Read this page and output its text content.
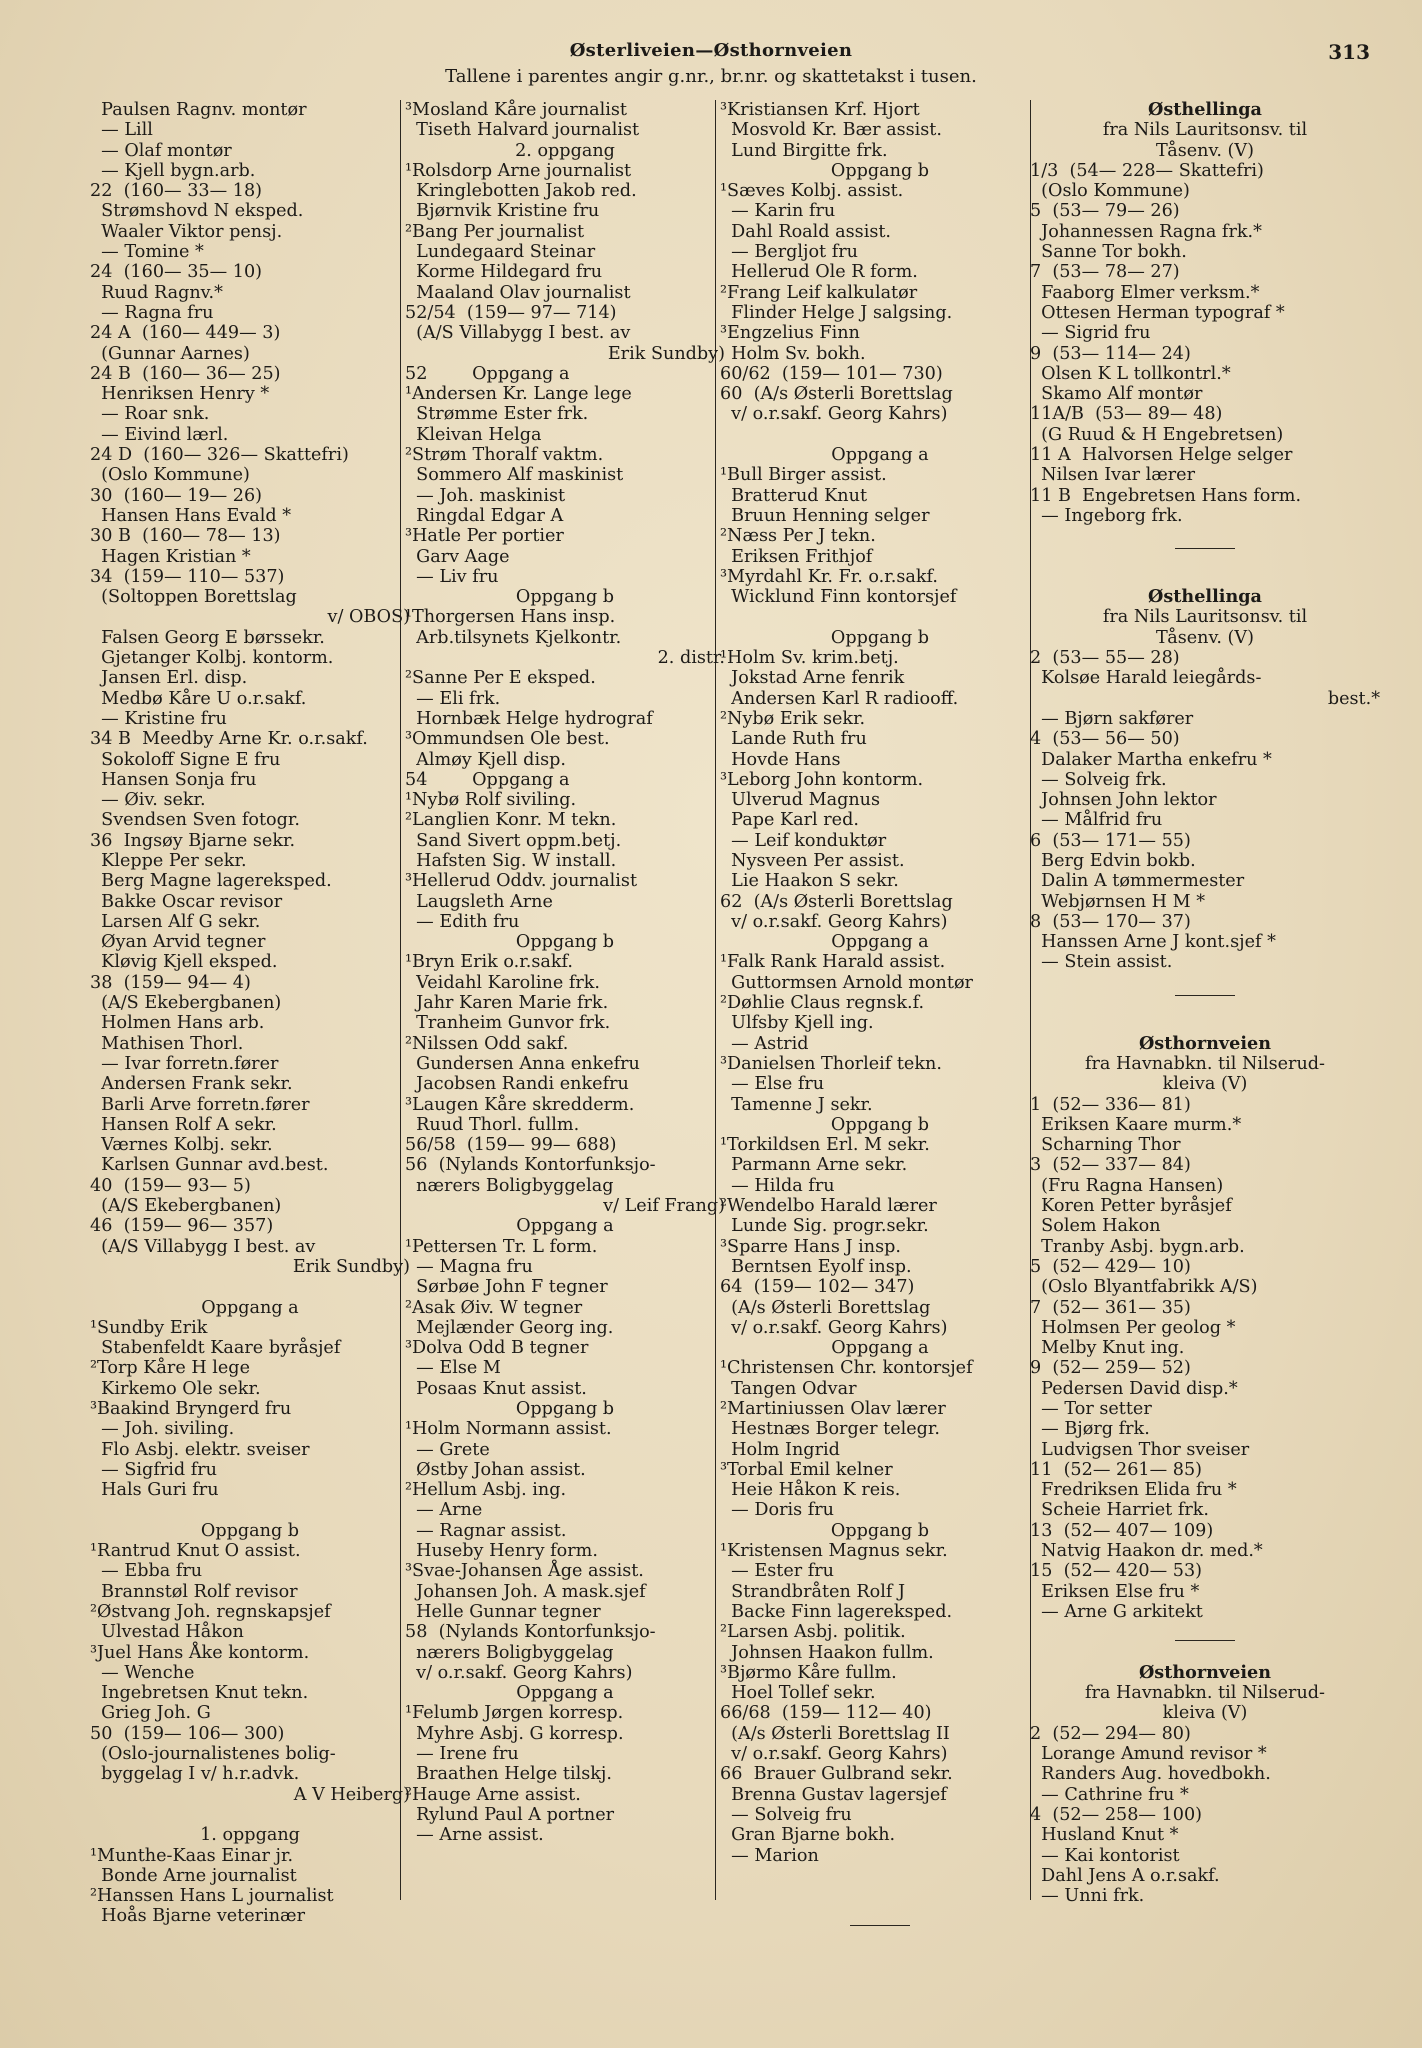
Østerliveien—Østhornveien
Tallene i parentes angir g.nr., br.nr. og skattetakst i tusen.
313
Paulsen Ragnv. montør
— Lill
— Olaf montør
— Kjell bygn.arb.
22  (160— 33— 18)
Strømshovd N eksped.
Waaler Viktor pensj.
— Tomine *
24  (160— 35— 10)
Ruud Ragnv.*
— Ragna fru
24 A  (160— 449— 3)
(Gunnar Aarnes)
24 B  (160— 36— 25)
Henriksen Henry *
— Roar snk.
— Eivind lærl.
24 D  (160— 326— Skattefri)
(Oslo Kommune)
30  (160— 19— 26)
Hansen Hans Evald *
30 B  (160— 78— 13)
Hagen Kristian *
34  (159— 110— 537)
(Soltoppen Borettslag
v/ OBOS)
Falsen Georg E børssekr.
Gjetanger Kolbj. kontorm.
Jansen Erl. disp.
Medbø Kåre U o.r.sakf.
— Kristine fru
34 B  Meedby Arne Kr. o.r.sakf.
Sokoloff Signe E fru
Hansen Sonja fru
— Øiv. sekr.
Svendsen Sven fotogr.
36  Ingsøy Bjarne sekr.
Kleppe Per sekr.
Berg Magne lagereksped.
Bakke Oscar revisor
Larsen Alf G sekr.
Øyan Arvid tegner
Kløvig Kjell eksped.
38  (159— 94— 4)
(A/S Ekebergbanen)
Holmen Hans arb.
Mathisen Thorl.
— Ivar forretn.fører
Andersen Frank sekr.
Barli Arve forretn.fører
Hansen Rolf A sekr.
Værnes Kolbj. sekr.
Karlsen Gunnar avd.best.
40  (159— 93— 5)
(A/S Ekebergbanen)
46  (159— 96— 357)
(A/S Villabygg I best. av
Erik Sundby)
Oppgang a
¹Sundby Erik
Stabenfeldt Kaare byråsjef
²Torp Kåre H lege
Kirkemo Ole sekr.
³Baakind Bryngerd fru
— Joh. siviling.
Flo Asbj. elektr. sveiser
— Sigfrid fru
Hals Guri fru
Oppgang b
¹Rantrud Knut O assist.
— Ebba fru
Brannstøl Rolf revisor
²Østvang Joh. regnskapsjef
Ulvestad Håkon
³Juel Hans Åke kontorm.
— Wenche
Ingebretsen Knut tekn.
Grieg Joh. G
50  (159— 106— 300)
(Oslo-journalistenes bolig-
byggelag I v/ h.r.advk.
A V Heiberg)
1. oppgang
¹Munthe-Kaas Einar jr.
Bonde Arne journalist
²Hanssen Hans L journalist
Hoås Bjarne veterinær
³Mosland Kåre journalist
Tiseth Halvard journalist
2. oppgang
¹Rolsdorp Arne journalist
Kringlebotten Jakob red.
Bjørnvik Kristine fru
²Bang Per journalist
Lundegaard Steinar
Korme Hildegard fru
Maaland Olav journalist
52/54  (159— 97— 714)
(A/S Villabygg I best. av
Erik Sundby)
52        Oppgang a
¹Andersen Kr. Lange lege
Strømme Ester frk.
Kleivan Helga
²Strøm Thoralf vaktm.
Sommero Alf maskinist
— Joh. maskinist
Ringdal Edgar A
³Hatle Per portier
Garv Aage
— Liv fru
Oppgang b
¹Thorgersen Hans insp.
Arb.tilsynets Kjelkontr.
2. distr.
²Sanne Per E eksped.
— Eli frk.
Hornbæk Helge hydrograf
³Ommundsen Ole best.
Almøy Kjell disp.
54        Oppgang a
¹Nybø Rolf siviling.
²Langlien Konr. M tekn.
Sand Sivert oppm.betj.
Hafsten Sig. W install.
³Hellerud Oddv. journalist
Laugsleth Arne
— Edith fru
Oppgang b
¹Bryn Erik o.r.sakf.
Veidahl Karoline frk.
Jahr Karen Marie frk.
Tranheim Gunvor frk.
²Nilssen Odd sakf.
Gundersen Anna enkefru
Jacobsen Randi enkefru
³Laugen Kåre skredderm.
Ruud Thorl. fullm.
56/58  (159— 99— 688)
56  (Nylands Kontorfunksjo-
nærers Boligbyggelag
v/ Leif Frang)
Oppgang a
¹Pettersen Tr. L form.
— Magna fru
Sørbøe John F tegner
²Asak Øiv. W tegner
Mejlænder Georg ing.
³Dolva Odd B tegner
— Else M
Posaas Knut assist.
Oppgang b
¹Holm Normann assist.
— Grete
Østby Johan assist.
²Hellum Asbj. ing.
— Arne
— Ragnar assist.
Huseby Henry form.
³Svae-Johansen Åge assist.
Johansen Joh. A mask.sjef
Helle Gunnar tegner
58  (Nylands Kontorfunksjo-
nærers Boligbyggelag
v/ o.r.sakf. Georg Kahrs)
Oppgang a
¹Felumb Jørgen korresp.
Myhre Asbj. G korresp.
— Irene fru
Braathen Helge tilskj.
²Hauge Arne assist.
Rylund Paul A portner
— Arne assist.
³Kristiansen Krf. Hjort
Mosvold Kr. Bær assist.
Lund Birgitte frk.
Oppgang b
¹Sæves Kolbj. assist.
— Karin fru
Dahl Roald assist.
— Bergljot fru
Hellerud Ole R form.
²Frang Leif kalkulatør
Flinder Helge J salgsing.
³Engzelius Finn
Holm Sv. bokh.
60/62  (159— 101— 730)
60  (A/s Østerli Borettslag
v/ o.r.sakf. Georg Kahrs)
Oppgang a
¹Bull Birger assist.
Bratterud Knut
Bruun Henning selger
²Næss Per J tekn.
Eriksen Frithjof
³Myrdahl Kr. Fr. o.r.sakf.
Wicklund Finn kontorsjef
Oppgang b
¹Holm Sv. krim.betj.
Jokstad Arne fenrik
Andersen Karl R radiooff.
²Nybø Erik sekr.
Lande Ruth fru
Hovde Hans
³Leborg John kontorm.
Ulverud Magnus
Pape Karl red.
— Leif konduktør
Nysveen Per assist.
Lie Haakon S sekr.
62  (A/s Østerli Borettslag
v/ o.r.sakf. Georg Kahrs)
Oppgang a
¹Falk Rank Harald assist.
Guttormsen Arnold montør
²Døhlie Claus regnsk.f.
Ulfsby Kjell ing.
— Astrid
³Danielsen Thorleif tekn.
— Else fru
Tamenne J sekr.
Oppgang b
¹Torkildsen Erl. M sekr.
Parmann Arne sekr.
— Hilda fru
²Wendelbo Harald lærer
Lunde Sig. progr.sekr.
³Sparre Hans J insp.
Berntsen Eyolf insp.
64  (159— 102— 347)
(A/s Østerli Borettslag
v/ o.r.sakf. Georg Kahrs)
Oppgang a
¹Christensen Chr. kontorsjef
Tangen Odvar
²Martiniussen Olav lærer
Hestnæs Borger telegr.
Holm Ingrid
³Torbal Emil kelner
Heie Håkon K reis.
— Doris fru
Oppgang b
¹Kristensen Magnus sekr.
— Ester fru
Strandbråten Rolf J
Backe Finn lagereksped.
²Larsen Asbj. politik.
Johnsen Haakon fullm.
³Bjørmo Kåre fullm.
Hoel Tollef sekr.
66/68  (159— 112— 40)
(A/s Østerli Borettslag II
v/ o.r.sakf. Georg Kahrs)
66  Brauer Gulbrand sekr.
Brenna Gustav lagersjef
— Solveig fru
Gran Bjarne bokh.
— Marion
Østhellinga
fra Nils Lauritsonsv. til
Tåsenv. (V)
1/3  (54— 228— Skattefri)
(Oslo Kommune)
5  (53— 79— 26)
Johannessen Ragna frk.*
Sanne Tor bokh.
7  (53— 78— 27)
Faaborg Elmer verksm.*
Ottesen Herman typograf *
— Sigrid fru
9  (53— 114— 24)
Olsen K L tollkontrl.*
Skamo Alf montør
11A/B  (53— 89— 48)
(G Ruud & H Engebretsen)
11 A  Halvorsen Helge selger
Nilsen Ivar lærer
11 B  Engebretsen Hans form.
— Ingeborg frk.
Østhellinga
fra Nils Lauritsonsv. til
Tåsenv. (V)
2  (53— 55— 28)
Kolsøe Harald leiegårds-
best.*
— Bjørn sakfører
4  (53— 56— 50)
Dalaker Martha enkefru *
— Solveig frk.
Johnsen John lektor
— Målfrid fru
6  (53— 171— 55)
Berg Edvin bokb.
Dalin A tømmermester
Webjørnsen H M *
8  (53— 170— 37)
Hanssen Arne J kont.sjef *
— Stein assist.
Østhornveien
fra Havnabkn. til Nilserud-
kleiva (V)
1  (52— 336— 81)
Eriksen Kaare murm.*
Scharning Thor
3  (52— 337— 84)
(Fru Ragna Hansen)
Koren Petter byråsjef
Solem Hakon
Tranby Asbj. bygn.arb.
5  (52— 429— 10)
(Oslo Blyantfabrikk A/S)
7  (52— 361— 35)
Holmsen Per geolog *
Melby Knut ing.
9  (52— 259— 52)
Pedersen David disp.*
— Tor setter
— Bjørg frk.
Ludvigsen Thor sveiser
11  (52— 261— 85)
Fredriksen Elida fru *
Scheie Harriet frk.
13  (52— 407— 109)
Natvig Haakon dr. med.*
15  (52— 420— 53)
Eriksen Else fru *
— Arne G arkitekt
Østhornveien
fra Havnabkn. til Nilserud-
kleiva (V)
2  (52— 294— 80)
Lorange Amund revisor *
Randers Aug. hovedbokh.
— Cathrine fru *
4  (52— 258— 100)
Husland Knut *
— Kai kontorist
Dahl Jens A o.r.sakf.
— Unni frk.
